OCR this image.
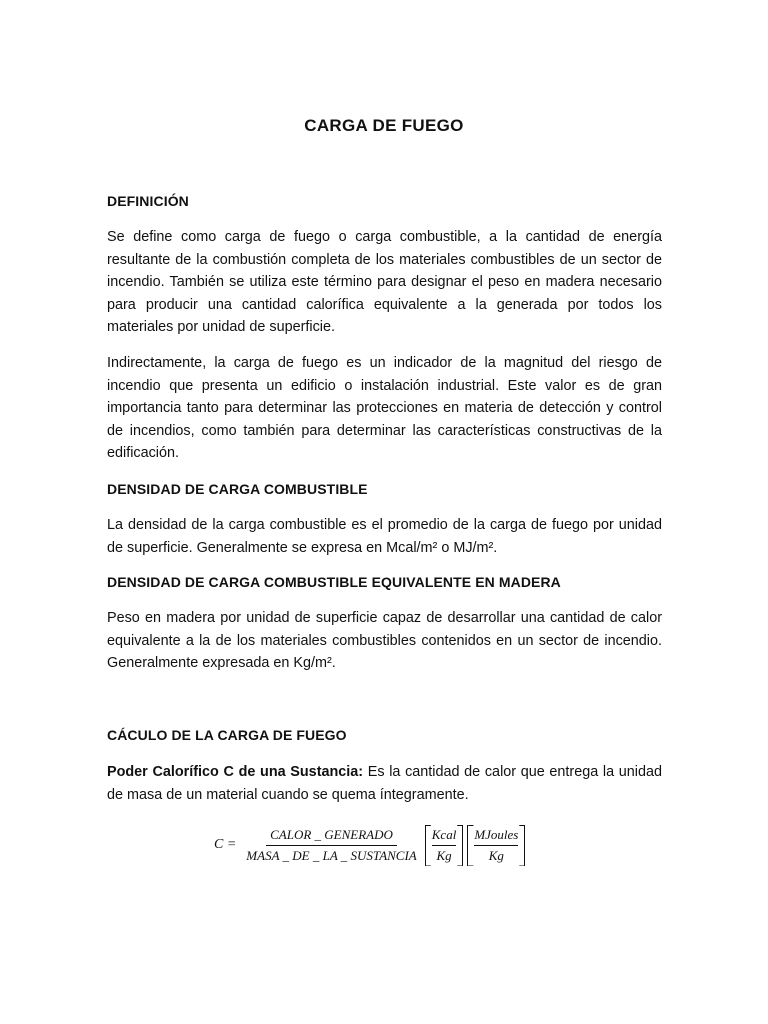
CARGA DE FUEGO
DEFINICIÓN
Se define como carga de fuego o carga combustible, a la cantidad de energía resultante de la combustión completa de los materiales combustibles de un sector de incendio. También se utiliza este término para designar el peso en madera necesario para producir una cantidad calorífica equivalente a la generada por todos los materiales por unidad de superficie.
Indirectamente, la carga de fuego es un indicador de la magnitud del riesgo de incendio que presenta un edificio o instalación industrial. Este valor es de gran importancia tanto para determinar las protecciones en materia de detección y control de incendios, como también para determinar las características constructivas de la edificación.
DENSIDAD DE CARGA COMBUSTIBLE
La densidad de la carga combustible es el promedio de la carga de fuego por unidad de superficie. Generalmente se expresa en Mcal/m² o MJ/m².
DENSIDAD DE CARGA COMBUSTIBLE EQUIVALENTE EN MADERA
Peso en madera por unidad de superficie capaz de desarrollar una cantidad de calor equivalente a la de los materiales combustibles contenidos en un sector de incendio. Generalmente expresada en Kg/m².
CÁCULO DE LA CARGA DE FUEGO
Poder Calorífico C de una Sustancia: Es la cantidad de calor que entrega la unidad de masa de un material cuando se quema íntegramente.
$C = \frac{\text{CALOR \_ GENERADO}}{\text{MASA \_ DE \_ LA \_ SUSTANCIA}} \frac{\text{Kcal}}{Kg} \frac{\text{MJoules}}{Kg}$
